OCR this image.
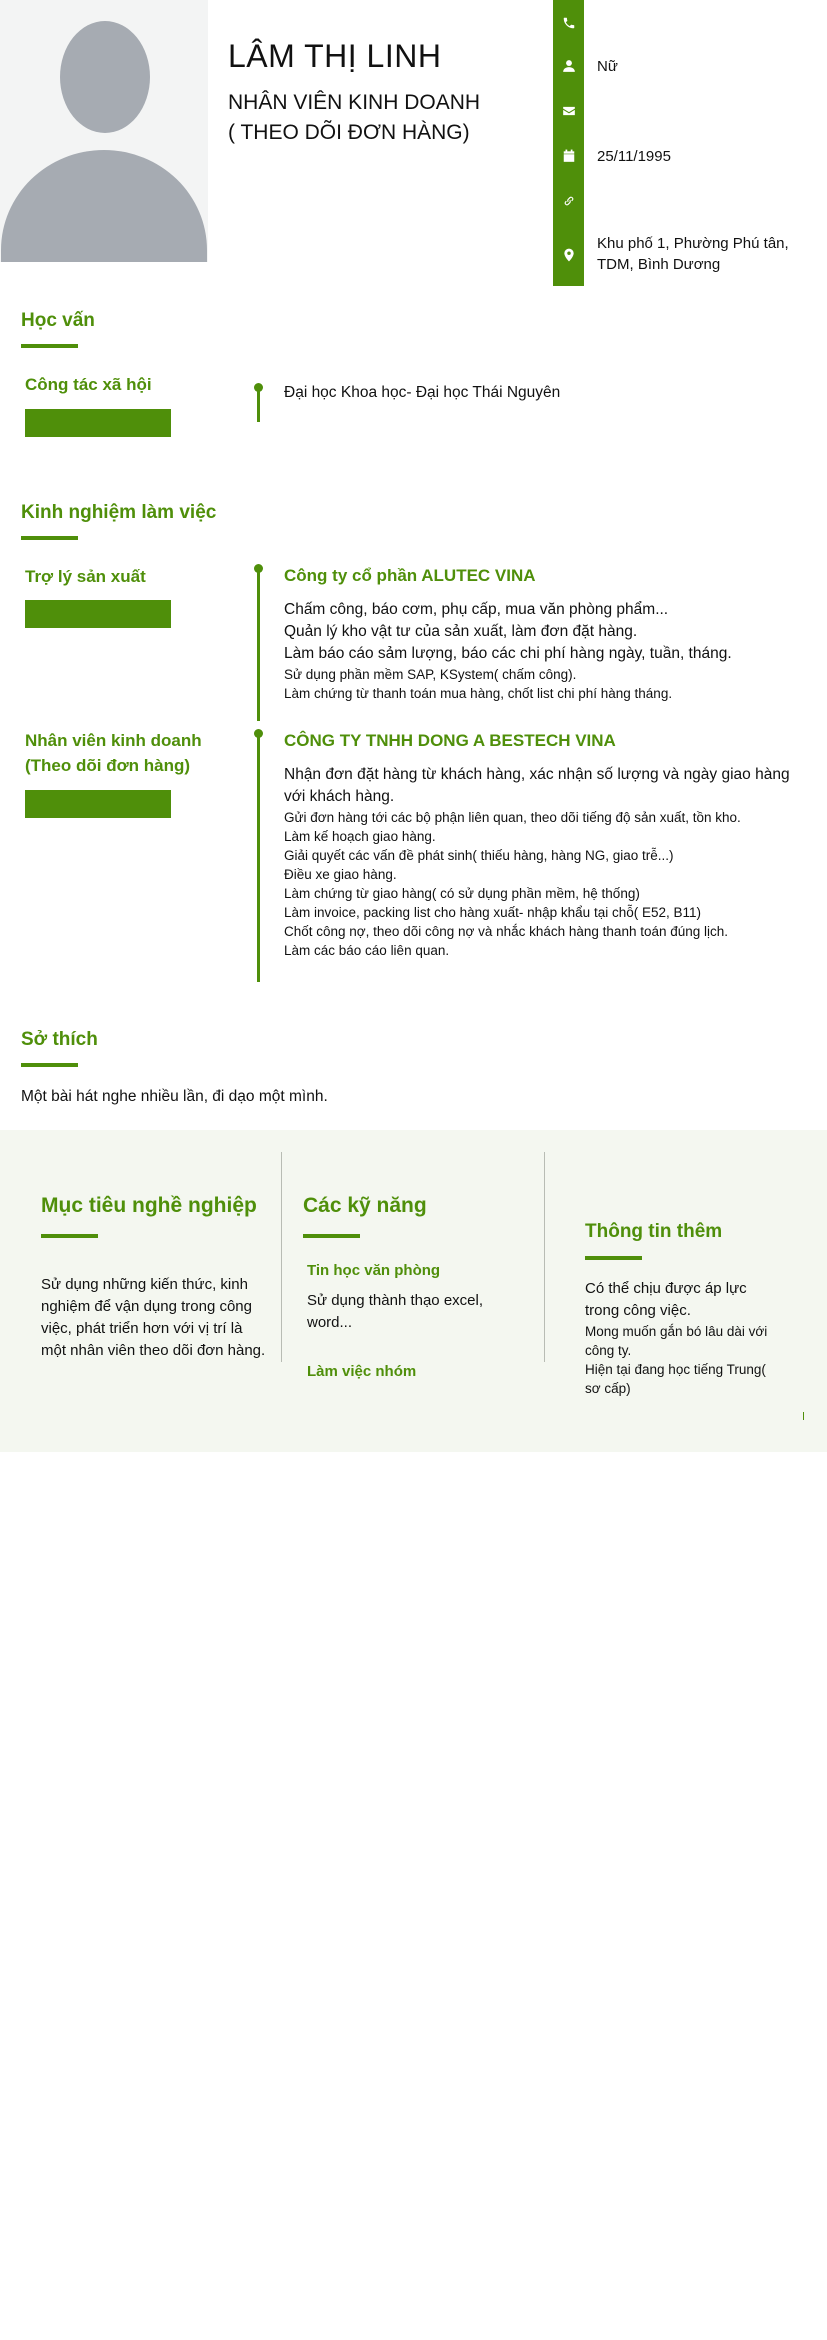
LÂM THỊ LINH
NHÂN VIÊN KINH DOANH
( THEO DÕI ĐƠN HÀNG)
Nữ
25/11/1995
Khu phố 1, Phường Phú tân, TDM, Bình Dương
Học vấn
Công tác xã hội	Đại học Khoa học- Đại học Thái Nguyên
Kinh nghiệm làm việc
Trợ lý sản xuất	Công ty cổ phần ALUTEC VINA
Chấm công, báo cơm, phụ cấp, mua văn phòng phẩm...
Quản lý kho vật tư của sản xuất, làm đơn đặt hàng.
Làm báo cáo sảm lượng, báo các chi phí hàng ngày, tuần, tháng.
Sử dụng phần mềm SAP, KSystem( chấm công).
Làm chứng từ thanh toán mua hàng, chốt list chi phí hàng tháng.
Nhân viên kinh doanh
(Theo dõi đơn hàng)
CÔNG TY TNHH DONG A BESTECH VINA
Nhận đơn đặt hàng từ khách hàng, xác nhận số lượng và ngày giao hàng với khách hàng.
Gửi đơn hàng tới các bộ phận liên quan, theo dõi tiếng độ sản xuất, tồn kho.
Làm kế hoạch giao hàng.
Giải quyết các vấn đề phát sinh( thiếu hàng, hàng NG, giao trễ...)
Điều xe giao hàng.
Làm chứng từ giao hàng( có sử dụng phần mềm, hệ thống)
Làm invoice, packing list cho hàng xuất- nhập khẩu tại chỗ( E52, B11)
Chốt công nợ, theo dõi công nợ và nhắc khách hàng thanh toán đúng lịch.
Làm các báo cáo liên quan.
Sở thích
Một bài hát nghe nhiều lần, đi dạo một mình.
Mục tiêu nghề nghiệp
Sử dụng những kiến thức, kinh nghiệm để vận dụng trong công việc, phát triển hơn với vị trí là một nhân viên theo dõi đơn hàng.
Các kỹ năng
Tin học văn phòng
Sử dụng thành thạo excel, word...
Làm việc nhóm
Thông tin thêm
Có thể chịu được áp lực trong công việc.
Mong muốn gắn bó lâu dài với công ty.
Hiện tại đang học tiếng Trung( sơ cấp)
